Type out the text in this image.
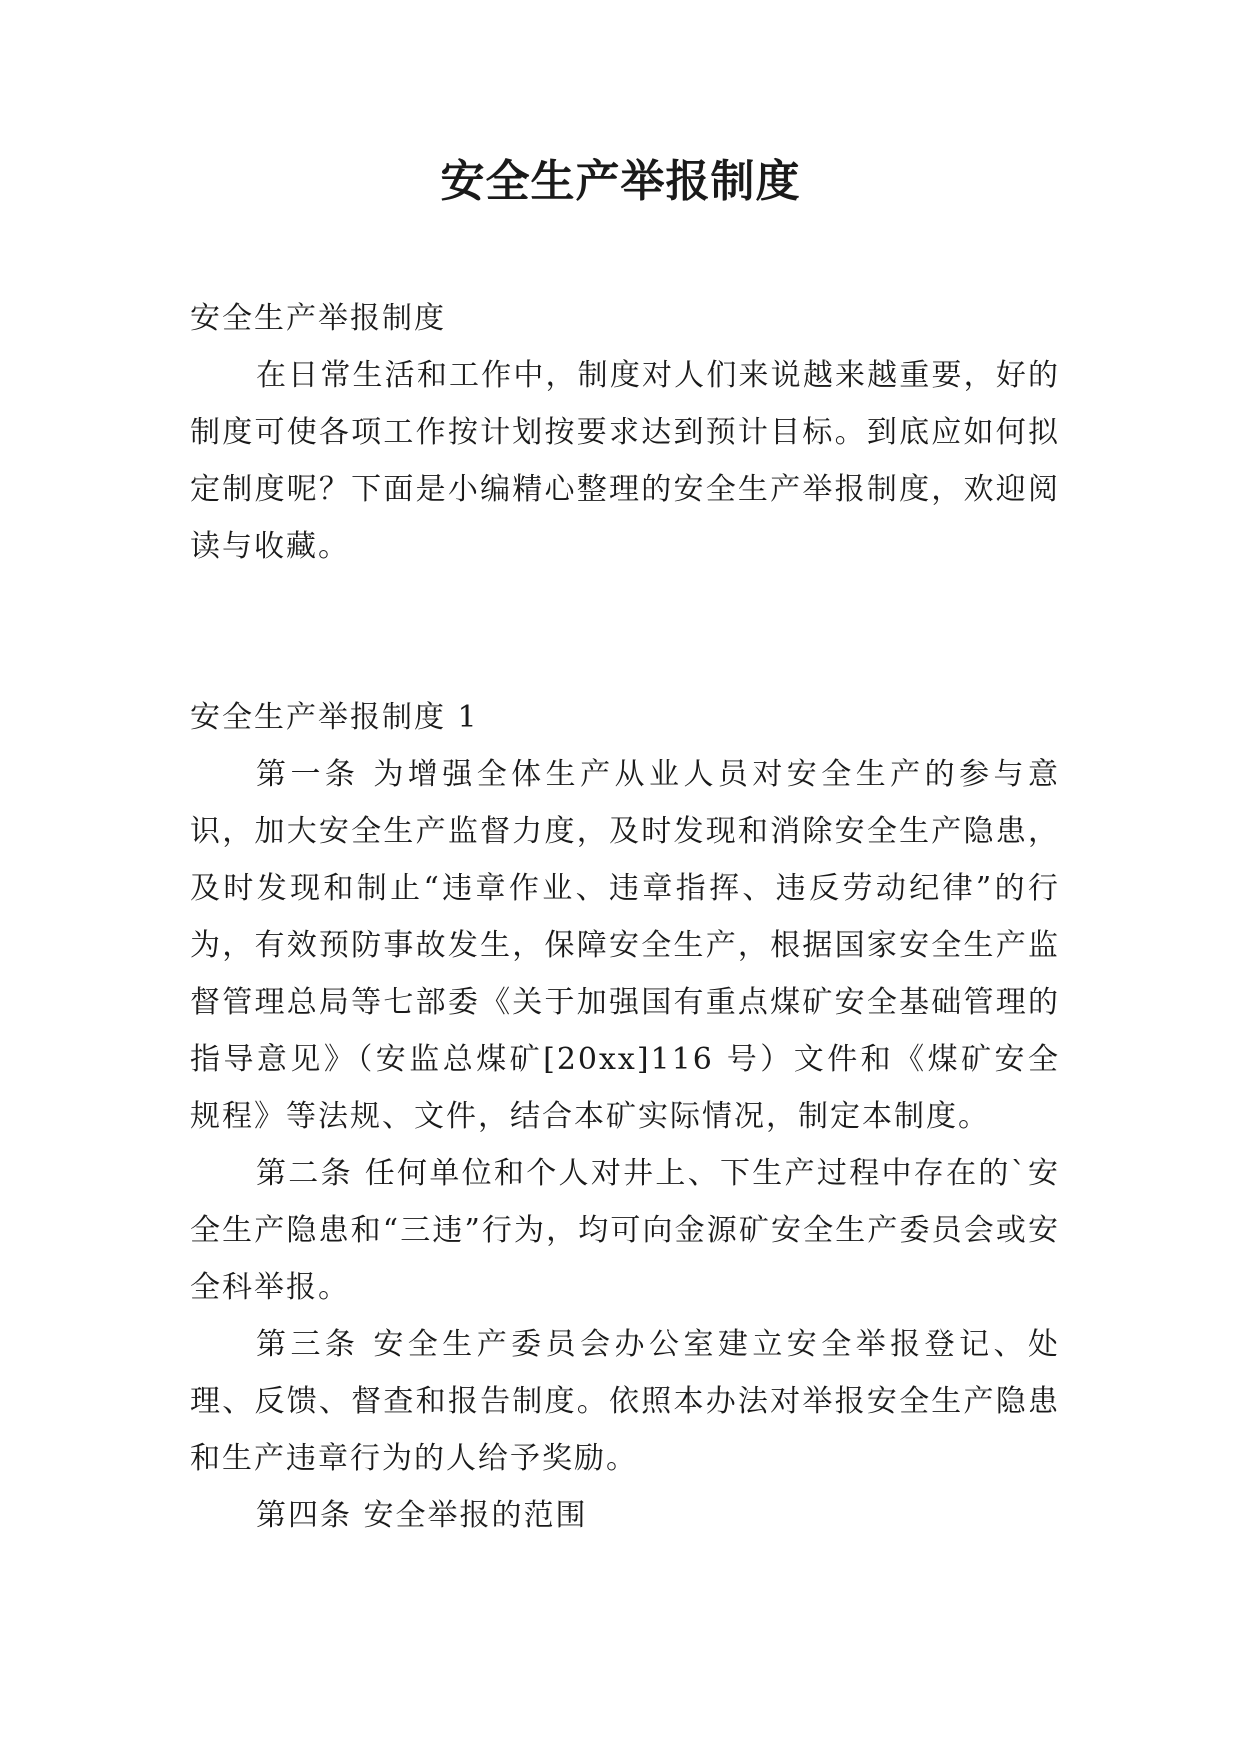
安全生产举报制度

安全生产举报制度

在日常生活和工作中，制度对人们来说越来越重要，好的制度可使各项工作按计划按要求达到预计目标。到底应如何拟定制度呢？下面是小编精心整理的安全生产举报制度，欢迎阅读与收藏。

安全生产举报制度 1

第一条 为增强全体生产从业人员对安全生产的参与意识，加大安全生产监督力度，及时发现和消除安全生产隐患，及时发现和制止“违章作业、违章指挥、违反劳动纪律”的行为，有效预防事故发生，保障安全生产，根据国家安全生产监督管理总局等七部委《关于加强国有重点煤矿安全基础管理的指导意见》（安监总煤矿[20xx]116 号）文件和《煤矿安全规程》等法规、文件，结合本矿实际情况，制定本制度。

第二条 任何单位和个人对井上、下生产过程中存在的`安全生产隐患和“三违”行为，均可向金源矿安全生产委员会或安全科举报。

第三条 安全生产委员会办公室建立安全举报登记、处理、反馈、督查和报告制度。依照本办法对举报安全生产隐患和生产违章行为的人给予奖励。

第四条 安全举报的范围
